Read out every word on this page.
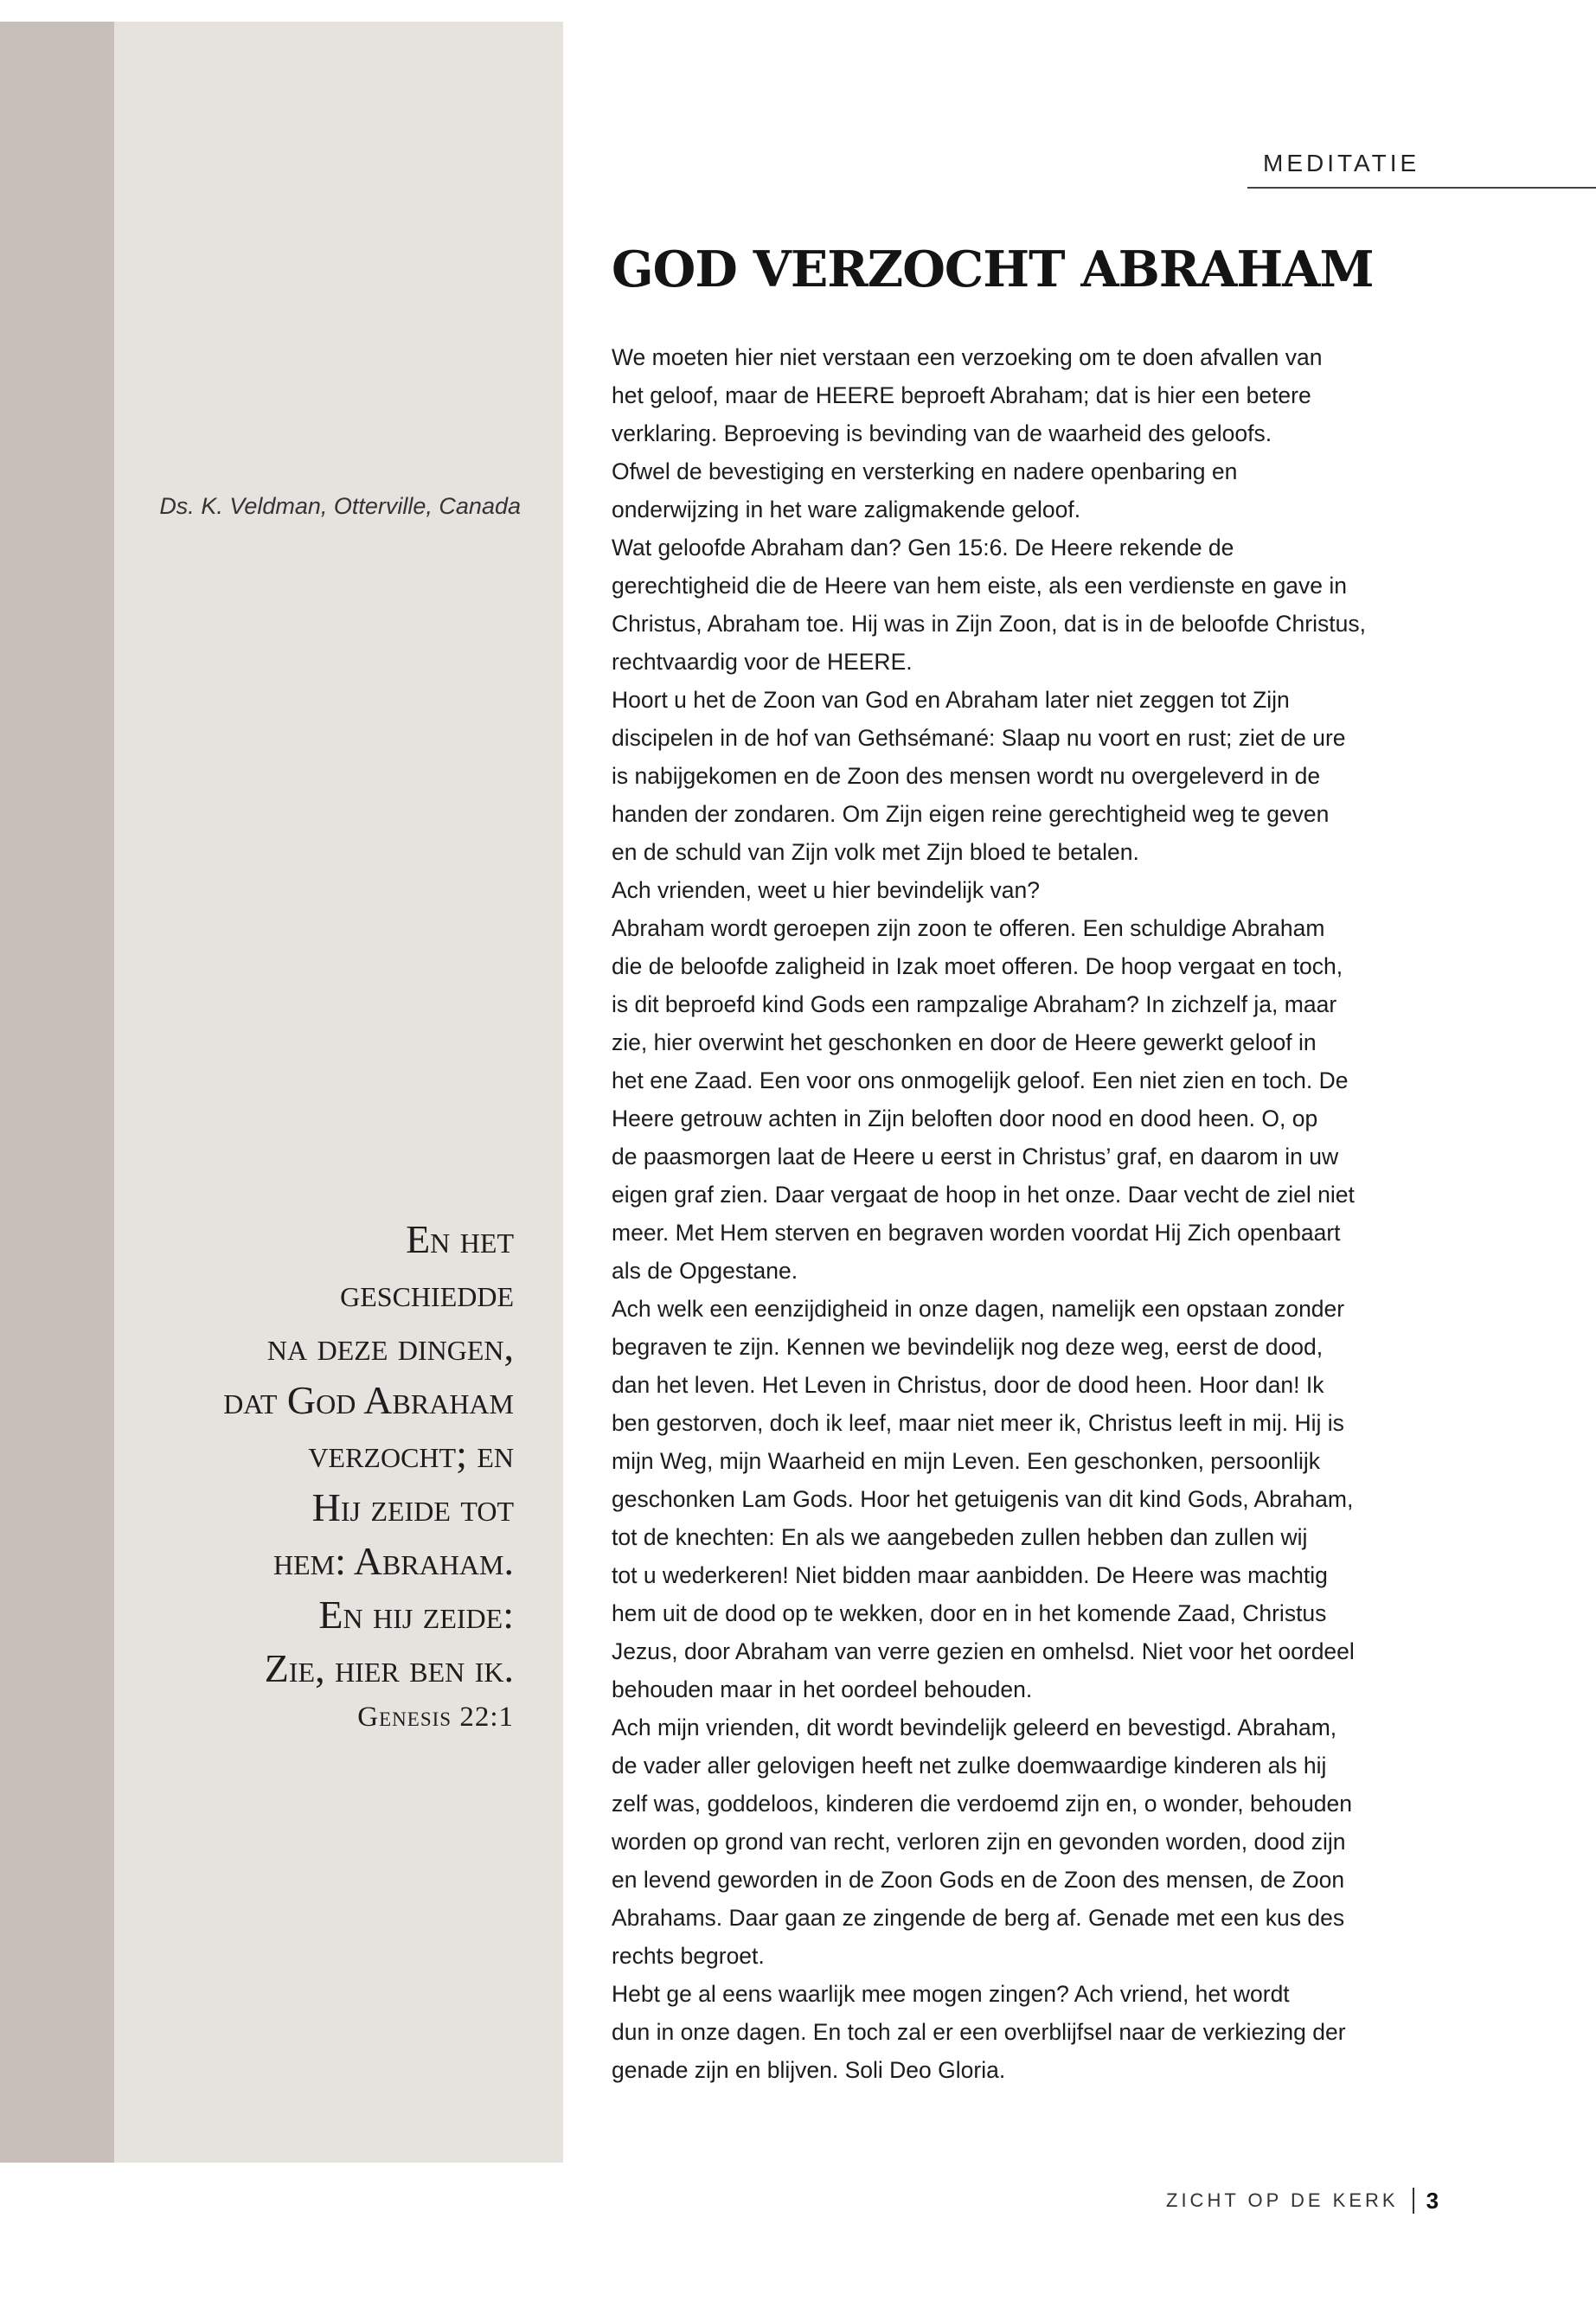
MEDITATIE
GOD VERZOCHT ABRAHAM
Ds. K. Veldman, Otterville, Canada
En het
geschiedde
na deze dingen,
dat God Abraham
verzocht; en
Hij zeide tot
hem: Abraham.
En hij zeide:
Zie, hier ben ik.
Genesis 22:1
We moeten hier niet verstaan een verzoeking om te doen afvallen van
het geloof, maar de HEERE beproeft Abraham; dat is hier een betere
verklaring. Beproeving is bevinding van de waarheid des geloofs.
Ofwel de bevestiging en versterking en nadere openbaring en
onderwijzing in het ware zaligmakende geloof.
Wat geloofde Abraham dan? Gen 15:6. De Heere rekende de
gerechtigheid die de Heere van hem eiste, als een verdienste en gave in
Christus, Abraham toe. Hij was in Zijn Zoon, dat is in de beloofde Christus,
rechtvaardig voor de HEERE.
Hoort u het de Zoon van God en Abraham later niet zeggen tot Zijn
discipelen in de hof van Gethsémané: Slaap nu voort en rust; ziet de ure
is nabijgekomen en de Zoon des mensen wordt nu overgeleverd in de
handen der zondaren. Om Zijn eigen reine gerechtigheid weg te geven
en de schuld van Zijn volk met Zijn bloed te betalen.
Ach vrienden, weet u hier bevindelijk van?
Abraham wordt geroepen zijn zoon te offeren. Een schuldige Abraham
die de beloofde zaligheid in Izak moet offeren. De hoop vergaat en toch,
is dit beproefd kind Gods een rampzalige Abraham? In zichzelf ja, maar
zie, hier overwint het geschonken en door de Heere gewerkt geloof in
het ene Zaad. Een voor ons onmogelijk geloof. Een niet zien en toch. De
Heere getrouw achten in Zijn beloften door nood en dood heen. O, op
de paasmorgen laat de Heere u eerst in Christus’ graf, en daarom in uw
eigen graf zien. Daar vergaat de hoop in het onze. Daar vecht de ziel niet
meer. Met Hem sterven en begraven worden voordat Hij Zich openbaart
als de Opgestane.
Ach welk een eenzijdigheid in onze dagen, namelijk een opstaan zonder
begraven te zijn. Kennen we bevindelijk nog deze weg, eerst de dood,
dan het leven. Het Leven in Christus, door de dood heen. Hoor dan! Ik
ben gestorven, doch ik leef, maar niet meer ik, Christus leeft in mij. Hij is
mijn Weg, mijn Waarheid en mijn Leven. Een geschonken, persoonlijk
geschonken Lam Gods. Hoor het getuigenis van dit kind Gods, Abraham,
tot de knechten: En als we aangebeden zullen hebben dan zullen wij
tot u wederkeren! Niet bidden maar aanbidden. De Heere was machtig
hem uit de dood op te wekken, door en in het komende Zaad, Christus
Jezus, door Abraham van verre gezien en omhelsd. Niet voor het oordeel
behouden maar in het oordeel behouden.
Ach mijn vrienden, dit wordt bevindelijk geleerd en bevestigd. Abraham,
de vader aller gelovigen heeft net zulke doemwaardige kinderen als hij
zelf was, goddeloos, kinderen die verdoemd zijn en, o wonder, behouden
worden op grond van recht, verloren zijn en gevonden worden, dood zijn
en levend geworden in de Zoon Gods en de Zoon des mensen, de Zoon
Abrahams. Daar gaan ze zingende de berg af. Genade met een kus des
rechts begroet.
Hebt ge al eens waarlijk mee mogen zingen? Ach vriend, het wordt
dun in onze dagen. En toch zal er een overblijfsel naar de verkiezing der
genade zijn en blijven. Soli Deo Gloria.
ZICHT OP DE KERK 3
